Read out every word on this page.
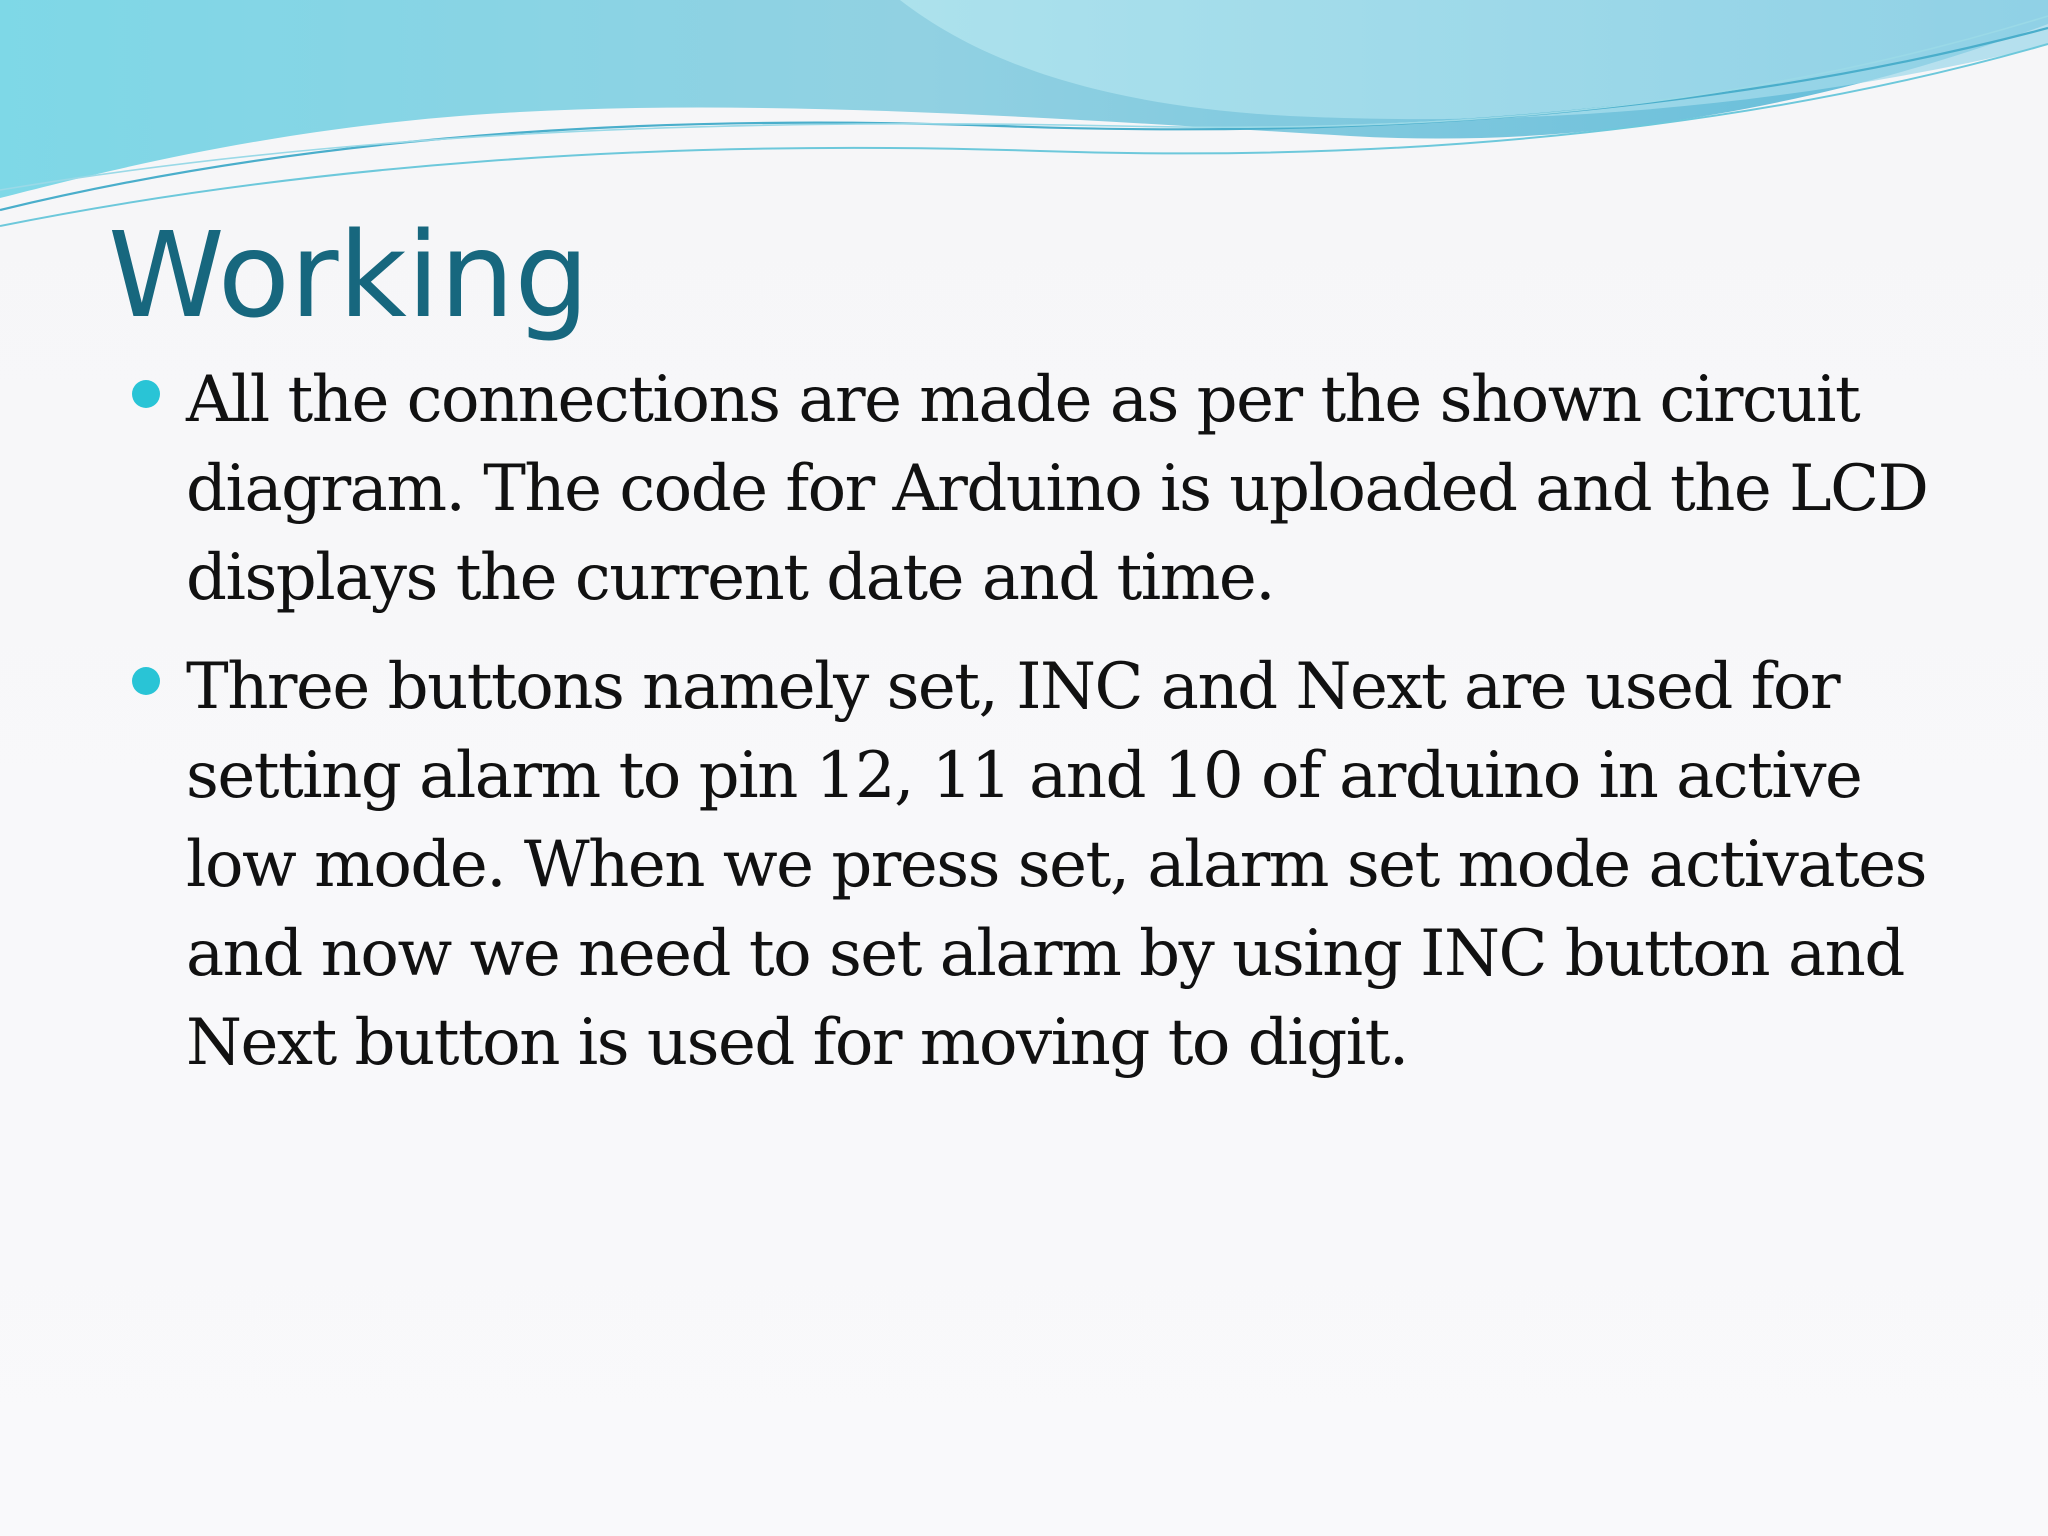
Working
All the connections are made as per the shown circuit diagram. The code for Arduino is uploaded and the LCD displays the current date and time.
Three buttons namely set, INC and Next are used for setting alarm to pin 12, 11 and 10 of arduino in active low mode. When we press set, alarm set mode activates and now we need to set alarm by using INC button and Next button is used for moving to digit.
